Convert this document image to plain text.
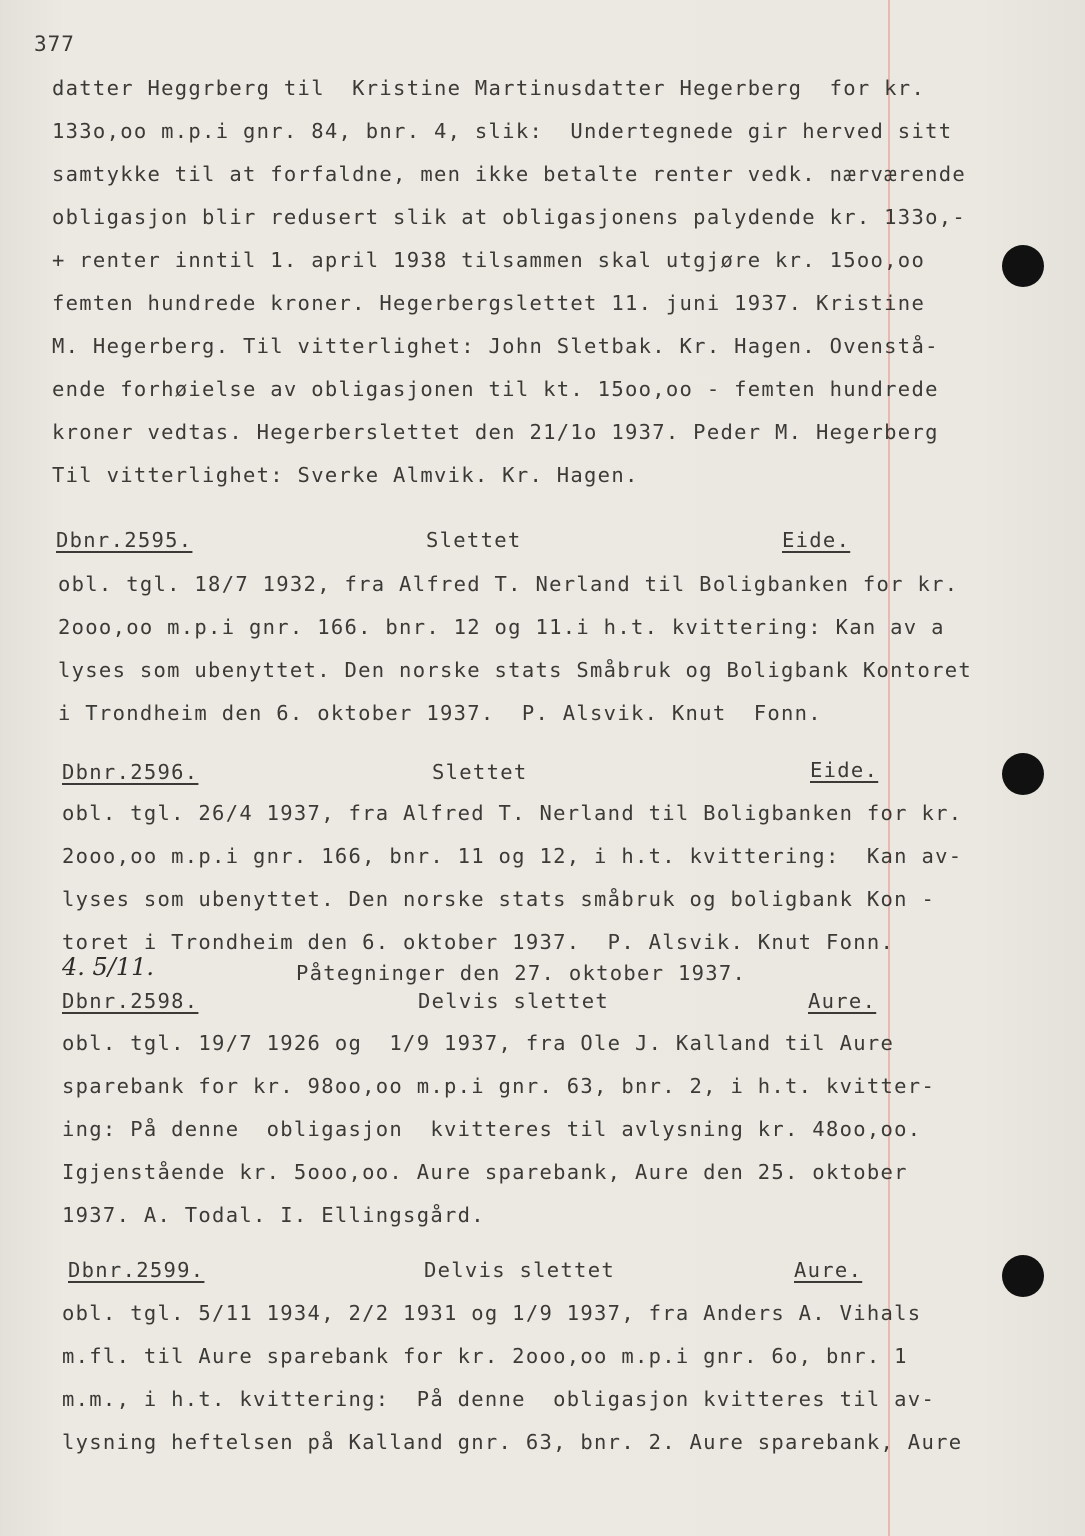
377
datter Heggrberg til  Kristine Martinusdatter Hegerberg  for kr.
133o,oo m.p.i gnr. 84, bnr. 4, slik:  Undertegnede gir herved sitt
samtykke til at forfaldne, men ikke betalte renter vedk. nærværende
obligasjon blir redusert slik at obligasjonens palydende kr. 133o,-
+ renter inntil 1. april 1938 tilsammen skal utgjøre kr. 15oo,oo
femten hundrede kroner. Hegerbergslettet 11. juni 1937. Kristine
M. Hegerberg. Til vitterlighet: John Sletbak. Kr. Hagen. Ovenstå-
ende forhøielse av obligasjonen til kt. 15oo,oo - femten hundrede
kroner vedtas. Hegerberslettet den 21/1o 1937. Peder M. Hegerberg
Til vitterlighet: Sverke Almvik. Kr. Hagen.
Dbnr.2595.	Slettet	Eide.
obl. tgl. 18/7 1932, fra Alfred T. Nerland til Boligbanken for kr.
2ooo,oo m.p.i gnr. 166. bnr. 12 og 11.i h.t. kvittering: Kan av a
lyses som ubenyttet. Den norske stats Småbruk og Boligbank Kontoret
i Trondheim den 6. oktober 1937.  P. Alsvik. Knut  Fonn.
Dbnr.2596.	Slettet	Eide.
obl. tgl. 26/4 1937, fra Alfred T. Nerland til Boligbanken for kr.
2ooo,oo m.p.i gnr. 166, bnr. 11 og 12, i h.t. kvittering:  Kan av-
lyses som ubenyttet. Den norske stats småbruk og boligbank Kon -
toret i Trondheim den 6. oktober 1937.  P. Alsvik. Knut Fonn.
4. 5/11.	Påtegninger den 27. oktober 1937.
Dbnr.2598.	Delvis slettet	Aure.
obl. tgl. 19/7 1926 og  1/9 1937, fra Ole J. Kalland til Aure
sparebank for kr. 98oo,oo m.p.i gnr. 63, bnr. 2, i h.t. kvitter-
ing: På denne  obligasjon  kvitteres til avlysning kr. 48oo,oo.
Igjenstående kr. 5ooo,oo. Aure sparebank, Aure den 25. oktober
1937. A. Todal. I. Ellingsgård.
Dbnr.2599.	Delvis slettet	Aure.
obl. tgl. 5/11 1934, 2/2 1931 og 1/9 1937, fra Anders A. Vihals
m.fl. til Aure sparebank for kr. 2ooo,oo m.p.i gnr. 6o, bnr. 1
m.m., i h.t. kvittering:  På denne  obligasjon kvitteres til av-
lysning heftelsen på Kalland gnr. 63, bnr. 2. Aure sparebank, Aure
